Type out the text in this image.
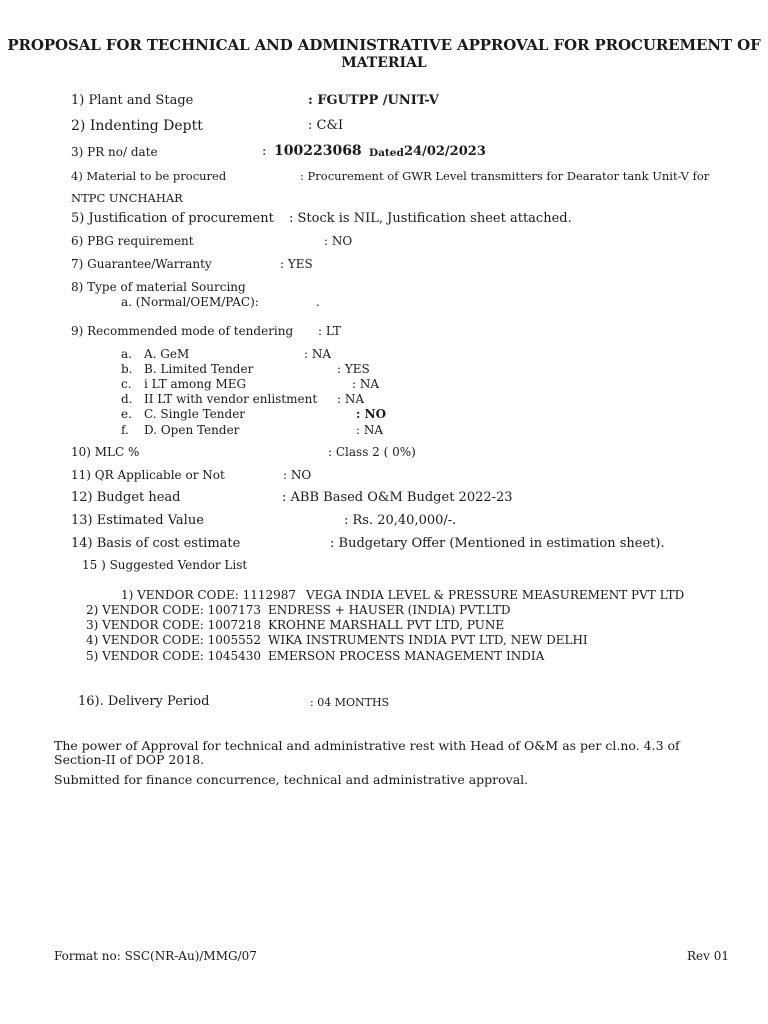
PROPOSAL FOR TECHNICAL AND ADMINISTRATIVE APPROVAL FOR PROCUREMENT OF
MATERIAL
1) Plant and Stage	: FGUTPP /UNIT-V
2) Indenting Deptt	: C&I
3) PR no/ date	: 100223068 Dated 24/02/2023
4) Material to be procured	: Procurement of GWR Level transmitters for Dearator tank Unit-V for
NTPC UNCHAHAR
5) Justification of procurement : Stock is NIL, Justification sheet attached.
6) PBG requirement	: NO
7) Guarantee/Warranty	: YES
8) Type of material Sourcing
a. (Normal/OEM/PAC):	.
9) Recommended mode of tendering : LT
a. A. GeM	: NA
b. B. Limited Tender	: YES
c. i LT among MEG	: NA
d. II LT with vendor enlistment : NA
e. C. Single Tender	: NO
f. D. Open Tender	: NA
10) MLC %	: Class 2 ( 0%)
11) QR Applicable or Not	: NO
12) Budget head	: ABB Based O&M Budget 2022-23
13) Estimated Value	: Rs. 20,40,000/-.
14) Basis of cost estimate	: Budgetary Offer (Mentioned in estimation sheet).
15 ) Suggested Vendor List
1) VENDOR CODE: 1112987 VEGA INDIA LEVEL & PRESSURE MEASUREMENT PVT LTD
2) VENDOR CODE: 1007173 ENDRESS + HAUSER (INDIA) PVT.LTD
3) VENDOR CODE: 1007218 KROHNE MARSHALL PVT LTD, PUNE
4) VENDOR CODE: 1005552 WIKA INSTRUMENTS INDIA PVT LTD, NEW DELHI
5) VENDOR CODE: 1045430 EMERSON PROCESS MANAGEMENT INDIA
16). Delivery Period	: 04 MONTHS
The power of Approval for technical and administrative rest with Head of O&M as per cl.no. 4.3 of Section-II of DOP 2018.
Submitted for finance concurrence, technical and administrative approval.
Format no: SSC(NR-Au)/MMG/07	Rev 01
